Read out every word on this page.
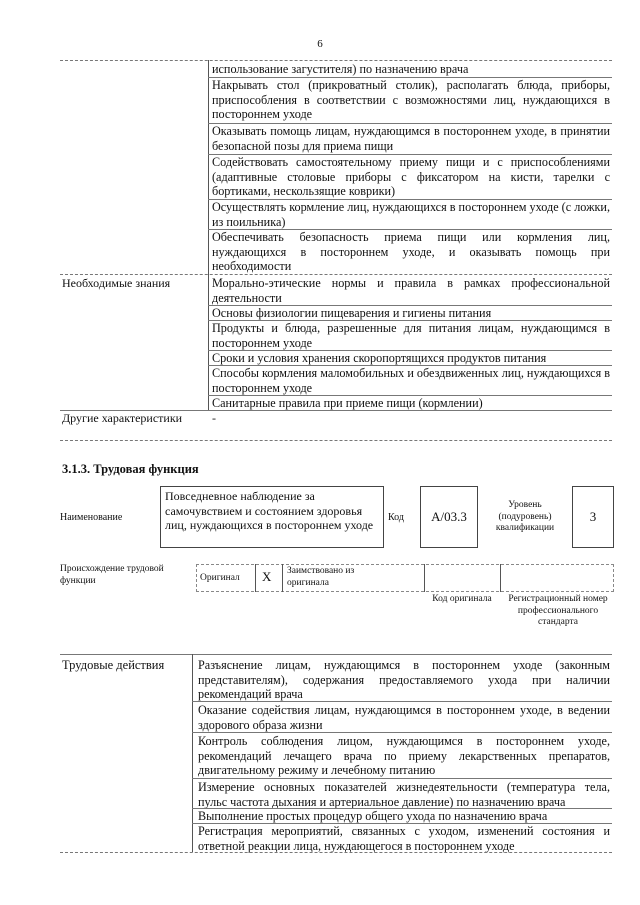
6
использование загустителя) по назначению врача
Накрывать стол (прикроватный столик), располагать блюда, приборы, приспособления в соответствии с возможностями лиц, нуждающихся в постороннем уходе
Оказывать помощь лицам, нуждающимся в постороннем уходе, в принятии безопасной позы для приема пищи
Содействовать самостоятельному приему пищи и с приспособлениями (адаптивные столовые приборы с фиксатором на кисти, тарелки с бортиками, нескользящие коврики)
Осуществлять кормление лиц, нуждающихся в постороннем уходе (с ложки, из поильника)
Обеспечивать безопасность приема пищи или кормления лиц, нуждающихся в постороннем уходе, и оказывать помощь при необходимости
Необходимые знания	Морально-этические нормы и правила в рамках профессиональной деятельности
Основы физиологии пищеварения и гигиены питания
Продукты и блюда, разрешенные для питания лицам, нуждающимся в постороннем уходе
Сроки и условия хранения скоропортящихся продуктов питания
Способы кормления маломобильных и обездвиженных лиц, нуждающихся в постороннем уходе
Санитарные правила при приеме пищи (кормлении)
Другие характеристики	-
3.1.3. Трудовая функция
Наименование
Повседневное наблюдение за самочувствием и состоянием здоровья лиц, нуждающихся в постороннем уходе
Код	А/03.3
Уровень (подуровень) квалификации
3
Происхождение трудовой функции	Оригинал Х Заимствовано из оригинала
Код оригинала	Регистрационный номер профессионального стандарта
Трудовые действия	Разъяснение лицам, нуждающимся в постороннем уходе (законным представителям), содержания предоставляемого ухода при наличии рекомендаций врача
Оказание содействия лицам, нуждающимся в постороннем уходе, в ведении здорового образа жизни
Контроль соблюдения лицом, нуждающимся в постороннем уходе, рекомендаций лечащего врача по приему лекарственных препаратов, двигательному режиму и лечебному питанию
Измерение основных показателей жизнедеятельности (температура тела, пульс частота дыхания и артериальное давление) по назначению врача
Выполнение простых процедур общего ухода по назначению врача
Регистрация мероприятий, связанных с уходом, изменений состояния и ответной реакции лица, нуждающегося в постороннем уходе
